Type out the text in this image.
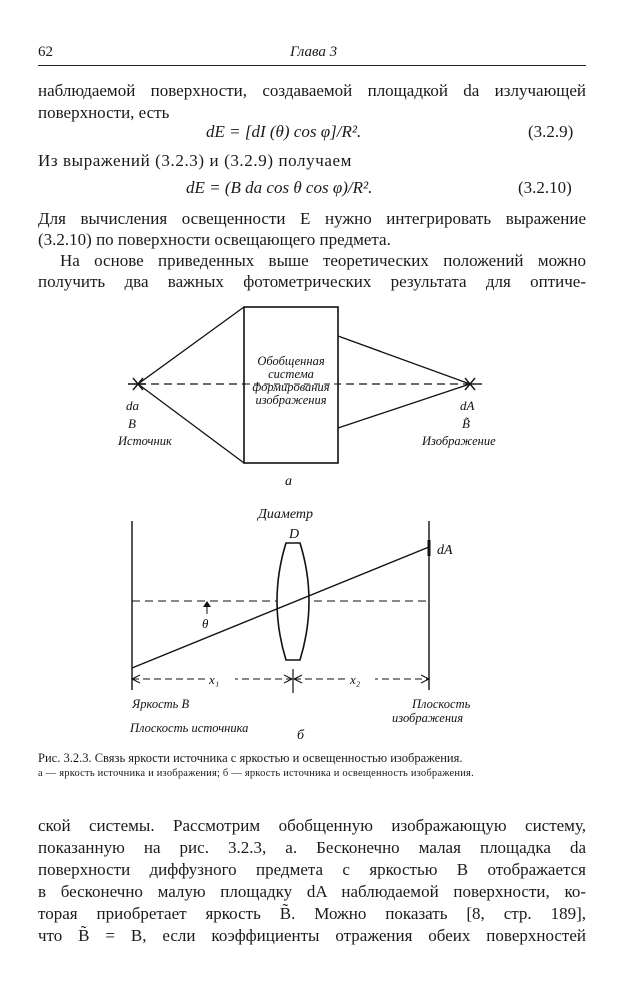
62	Глава 3
наблюдаемой поверхности, создаваемой площадкой da излучающей
поверхности, есть
dE = [dI (θ) cos φ]/R².	(3.2.9)
Из выражений (3.2.3) и (3.2.9) получаем
dE = (B da cos θ cos φ)/R².	(3.2.10)
Для вычисления освещенности E нужно интегрировать выражение
(3.2.10) по поверхности освещающего предмета.
На основе приведенных выше теоретических положений можно
получить два важных фотометрических результата для оптиче-
Обобщенная
система
формирования
изображения
da
B
Источник
dA
B̃
Изображение
а
x₁	x₂
Диаметр
D
dA
θ
Яркость B
Плоскость источника
Плоскость
изображения
б
Рис. 3.2.3. Связь яркости источника с яркостью и освещенностью изображения.
а — яркость источника и изображения; б — яркость источника и освещенность изображения.
ской системы. Рассмотрим обобщенную изображающую систему,
показанную на рис. 3.2.3, а. Бесконечно малая площадка da
поверхности диффузного предмета с яркостью B отображается
в бесконечно малую площадку dA наблюдаемой поверхности, ко-
торая приобретает яркость B̃. Можно показать [8, стр. 189],
что B̃ = B, если коэффициенты отражения обеих поверхностей
